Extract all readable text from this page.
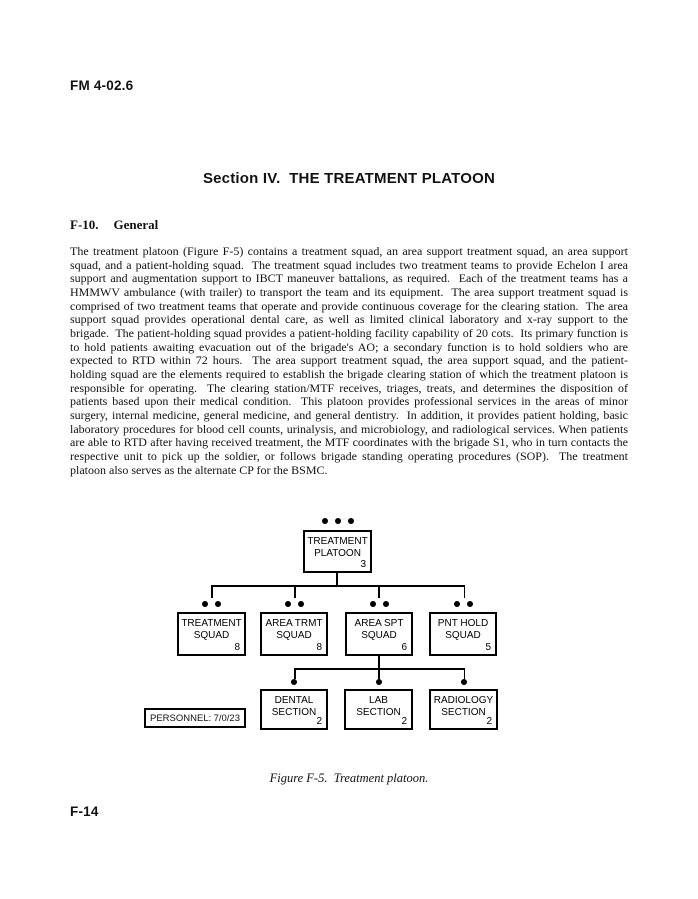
FM 4-02.6
Section IV.  THE TREATMENT PLATOON
F-10. General
The treatment platoon (Figure F-5) contains a treatment squad, an area support treatment squad, an area support squad, and a patient-holding squad.  The treatment squad includes two treatment teams to provide Echelon I area support and augmentation support to IBCT maneuver battalions, as required.  Each of the treatment teams has a HMMWV ambulance (with trailer) to transport the team and its equipment.  The area support treatment squad is comprised of two treatment teams that operate and provide continuous coverage for the clearing station.  The area support squad provides operational dental care, as well as limited clinical laboratory and x-ray support to the brigade.  The patient-holding squad provides a patient-holding facility capability of 20 cots.  Its primary function is to hold patients awaiting evacuation out of the brigade's AO; a secondary function is to hold soldiers who are expected to RTD within 72 hours.  The area support treatment squad, the area support squad, and the patient-holding squad are the elements required to establish the brigade clearing station of which the treatment platoon is responsible for operating.  The clearing station/MTF receives, triages, treats, and determines the disposition of patients based upon their medical condition.  This platoon provides professional services in the areas of minor surgery, internal medicine, general medicine, and general dentistry.  In addition, it provides patient holding, basic laboratory procedures for blood cell counts, urinalysis, and microbiology, and radiological services. When patients are able to RTD after having received treatment, the MTF coordinates with the brigade S1, who in turn contacts the respective unit to pick up the soldier, or follows brigade standing operating procedures (SOP).  The treatment platoon also serves as the alternate CP for the BSMC.
TREATMENT
PLATOON
3
TREATMENT
SQUAD
8
AREA TRMT
SQUAD
8
AREA SPT
SQUAD
6
PNT HOLD
SQUAD
5
DENTAL
SECTION
2
LAB
SECTION
2
RADIOLOGY
SECTION
2
PERSONNEL: 7/0/23
Figure F-5.  Treatment platoon.
F-14
